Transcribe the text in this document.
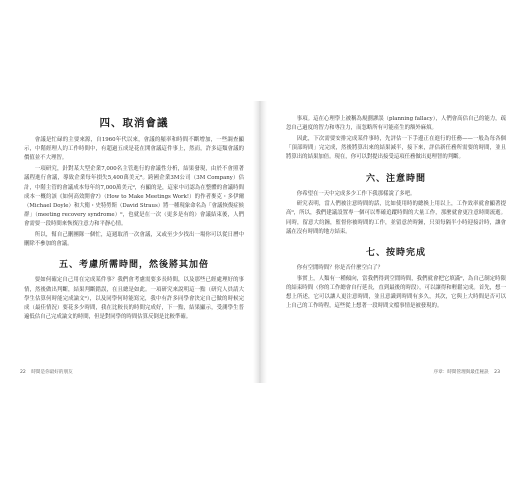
四、取消會議

會議是忙碌的主要來源，自1960年代以來，會議的頻率和時間不斷增加，一些調查顯示，中階經理人約工作時間中，有超過五成是花在開會議這件事上，然而，許多這類會議的價值並不大理智。

一項研究，針對某大型企業7,000名主管進行的會議性分析，結果發現，由於不會照著議程進行會議，導致企業每年損失5,400萬美元⁸。跨國企業3M公司（3M Company）估計，中階主管的會議成本每年約7,000萬美元⁹，有顯的是，這家中司認為在整體的會議時間成本一概約該《如何高效開會?》（How to Make Meetings Work!）的作者麥克・多伊爾（Michael Doyle）和大衛・史特勞斯（David Straus）將一種現象命名為「會議恢復症候群」（meeting recovery syndrome）⁰，也就是在一次（更多是有的）會議結束後，人們會需要一段時間來恢復注意力和平靜心情。

所以，幫自己刪團隊一個忙，這週取消一次會議，又或至少少找出一場你可以從日曆中刪除不參加的會議。

五、考慮所需時間，然後將其加倍

要如何確定自己用在完成某件事？我們會考慮需要多長時間，以及那些已經處理好的事情，然後做出判斷，結果判斷錯誤，在且總是如此。一項研究來說明這一點（研究人員請大學生估算何時能完成論文⁰），以及同學何時能寫完，我中有許多同學會決定自己做的時候完成（最佳情況）要花多少時間，我在比較長的時間完成好，下一點，結果顯示，受測學生普遍低估自己完成論文的時間，但是對同學的時間估算反倒是比較準確。

22 時間是你最好的朋友

事項。這在心理學上被稱為規劃謬誤（planning fallacy），人們會高估自己的能力，疏忽自己過度的智力和專注力，而忽略所有可能產生的額外麻煩。

因此，下次需要安排完成某件事時，先評估一下手邊正在進行的任務——一般為每各個「頂部時間」完完成，然後將算出來的結果減半，接下來，評估新任務所需要的時間，並且將算出的結果加倍。現在，你可以對提出接受這項任務做出更理智的判斷。

六、注意時間

你希望在一天中完成多少工作下我那樣說了多吧。

研究表明，當人們被注意時間的話，比如使用時的總換上用以上，工作效率就會顯著提高⁰，所以，我們建議設置專一個可以準確追蹤時間的大量工作，那麼就會更注意時間流逝。同時，留意大約鐘，監督你被時間的工作，並留意於時鐘，只須每隔半小時迎接計時，讓會議在沒有時間的地方結束。

七、按時完成

你有空閒時間？你是否什麼空白了？

事實上，人類有一種傾向，當我們得到空閒時間，我們就會把它填滿⁰，為自己制定時限的結束時間（你的工作總會自行延長，直到最後的時段），可以讓得和輕鬆完成。首先，想一想上所述，它可以讓人更注意時間，並且意識到時間有多久，其次，它與上大時間是否可以上自己的工作時程，這些從上想著一段時間文檔事情是被發現的。

序章：時間管理與最佳秘訣 23
